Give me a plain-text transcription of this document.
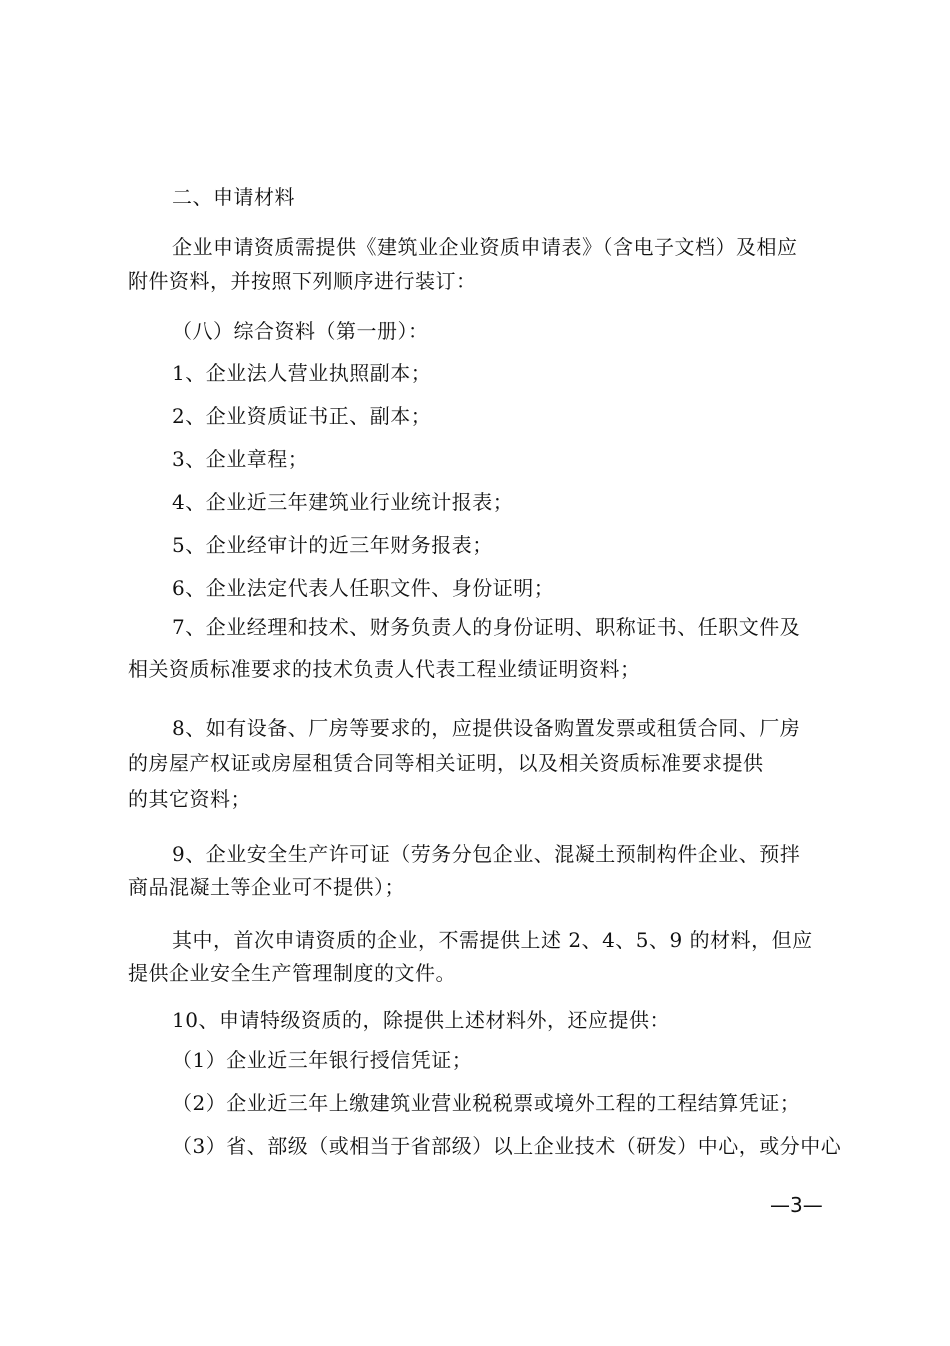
二、申请材料
企业申请资质需提供《建筑业企业资质申请表》（含电子文档）及相应
附件资料，并按照下列顺序进行装订：
（八）综合资料（第一册）：
1、企业法人营业执照副本；
2、企业资质证书正、副本；
3、企业章程；
4、企业近三年建筑业行业统计报表；
5、企业经审计的近三年财务报表；
6、企业法定代表人任职文件、身份证明；
7、企业经理和技术、财务负责人的身份证明、职称证书、任职文件及
相关资质标准要求的技术负责人代表工程业绩证明资料；
8、如有设备、厂房等要求的，应提供设备购置发票或租赁合同、厂房
的房屋产权证或房屋租赁合同等相关证明，以及相关资质标准要求提供
的其它资料；
9、企业安全生产许可证（劳务分包企业、混凝土预制构件企业、预拌
商品混凝土等企业可不提供）；
其中，首次申请资质的企业，不需提供上述 2、4、5、9 的材料，但应
提供企业安全生产管理制度的文件。
10、申请特级资质的，除提供上述材料外，还应提供：
（1）企业近三年银行授信凭证；
（2）企业近三年上缴建筑业营业税税票或境外工程的工程结算凭证；
（3）省、部级（或相当于省部级）以上企业技术（研发）中心，或分中心
—3—
